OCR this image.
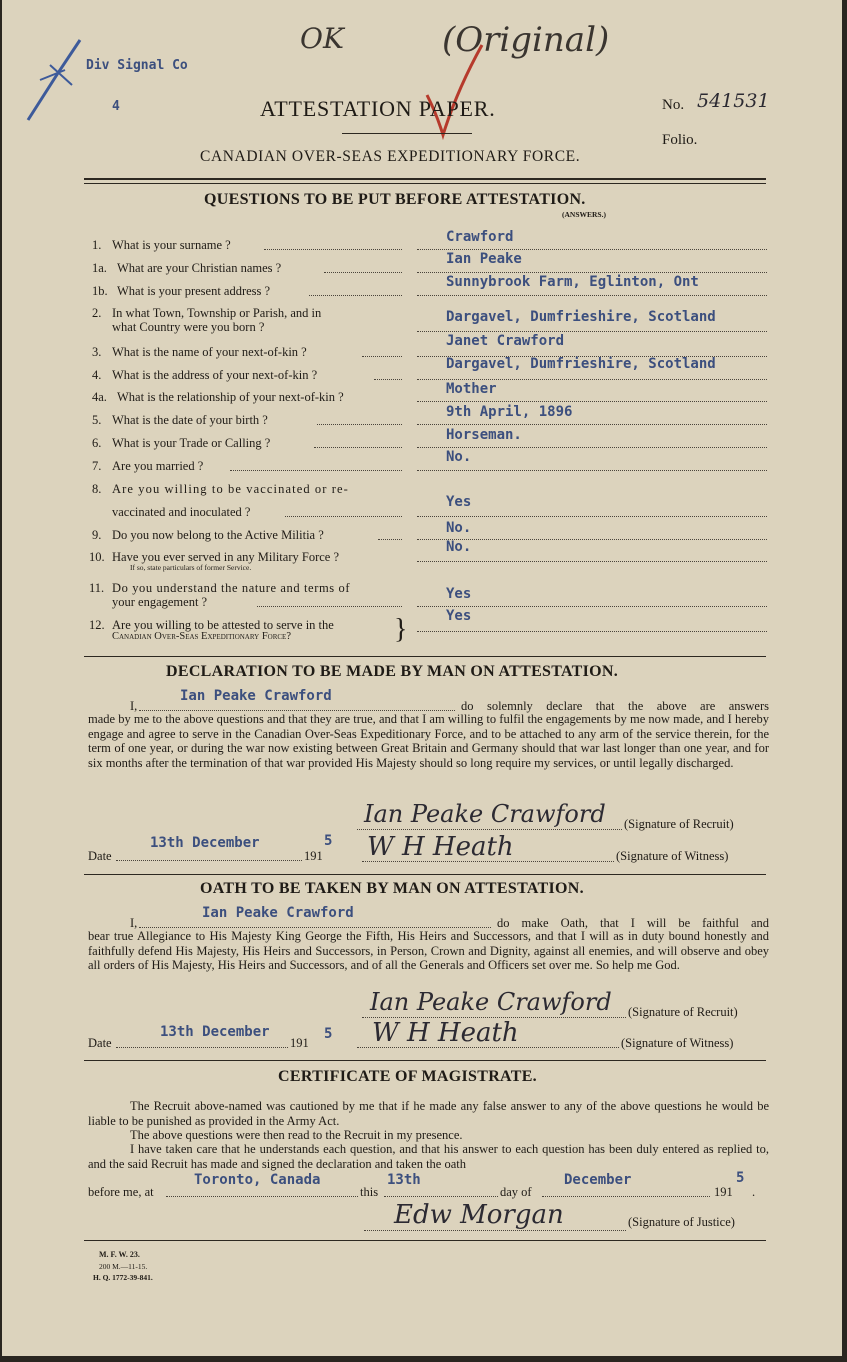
Div Signal Co
4
OK	(Original)
ATTESTATION PAPER.	No. 541531
Folio.
CANADIAN OVER-SEAS EXPEDITIONARY FORCE.
QUESTIONS TO BE PUT BEFORE ATTESTATION.
(ANSWERS.)
1. What is your surname ?	Crawford
1a. What are your Christian names ?
Ian Peake
1b. What is your present address ?
Sunnybrook Farm, Eglinton, Ont
2. In what Town, Township or Parish, and in
what Country were you born ?
Dargavel, Dumfrieshire, Scotland
3. What is the name of your next-of-kin ?
Janet Crawford
4. What is the address of your next-of-kin ?
Dargavel, Dumfrieshire, Scotland
4a. What is the relationship of your next-of-kin ?	Mother
5. What is the date of your birth ?	9th April, 1896
6. What is your Trade or Calling ?	Horseman.
7. Are you married ?
No.
8. Are you willing to be vaccinated or re-
vaccinated and inoculated ?
Yes
9. Do you now belong to the Active Militia ?	No.
10. Have you ever served in any Military Force ?
If so, state particulars of former Service.
No.
11. Do you understand the nature and terms of
your engagement ?	Yes
12. Are you willing to be attested to serve in the
Canadian Over-Seas Expeditionary Force?	}	Yes
DECLARATION TO BE MADE BY MAN ON ATTESTATION.
I,
Ian Peake Crawford
do solemnly declare that the above are answers
made by me to the above questions and that they are true, and that I am willing to fulfil the engagements by me now made, and I hereby engage and agree to serve in the Canadian Over-Seas Expeditionary Force, and to be attached to any arm of the service therein, for the term of one year, or during the war now existing between Great Britain and Germany should that war last longer than one year, and for six months after the termination of that war provided His Majesty should so long require my services, or until legally discharged.
Ian Peake Crawford (Signature of Recruit)
Date
13th December
191
5 W H Heath	(Signature of Witness)
OATH TO BE TAKEN BY MAN ON ATTESTATION.
I,
Ian Peake Crawford
do make Oath, that I will be faithful and
bear true Allegiance to His Majesty King George the Fifth, His Heirs and Successors, and that I will as in duty bound honestly and faithfully defend His Majesty, His Heirs and Successors, in Person, Crown and Dignity, against all enemies, and will observe and obey all orders of His Majesty, His Heirs and Successors, and of all the Generals and Officers set over me. So help me God.
Ian Peake Crawford (Signature of Recruit)
Date
13th December
191
5 W H Heath	(Signature of Witness)
CERTIFICATE OF MAGISTRATE.
The Recruit above-named was cautioned by me that if he made any false answer to any of the above questions he would be liable to be punished as provided in the Army Act.
The above questions were then read to the Recruit in my presence.
I have taken care that he understands each question, and that his answer to each question has been duly entered as replied to, and the said Recruit has made and signed the declaration and taken the oath
before me, at
Toronto, Canada
this
13th
day of
December
191
5
.
Edw Morgan	(Signature of Justice)
M. F. W. 23.
200 M.—11-15.
H. Q. 1772-39-841.
